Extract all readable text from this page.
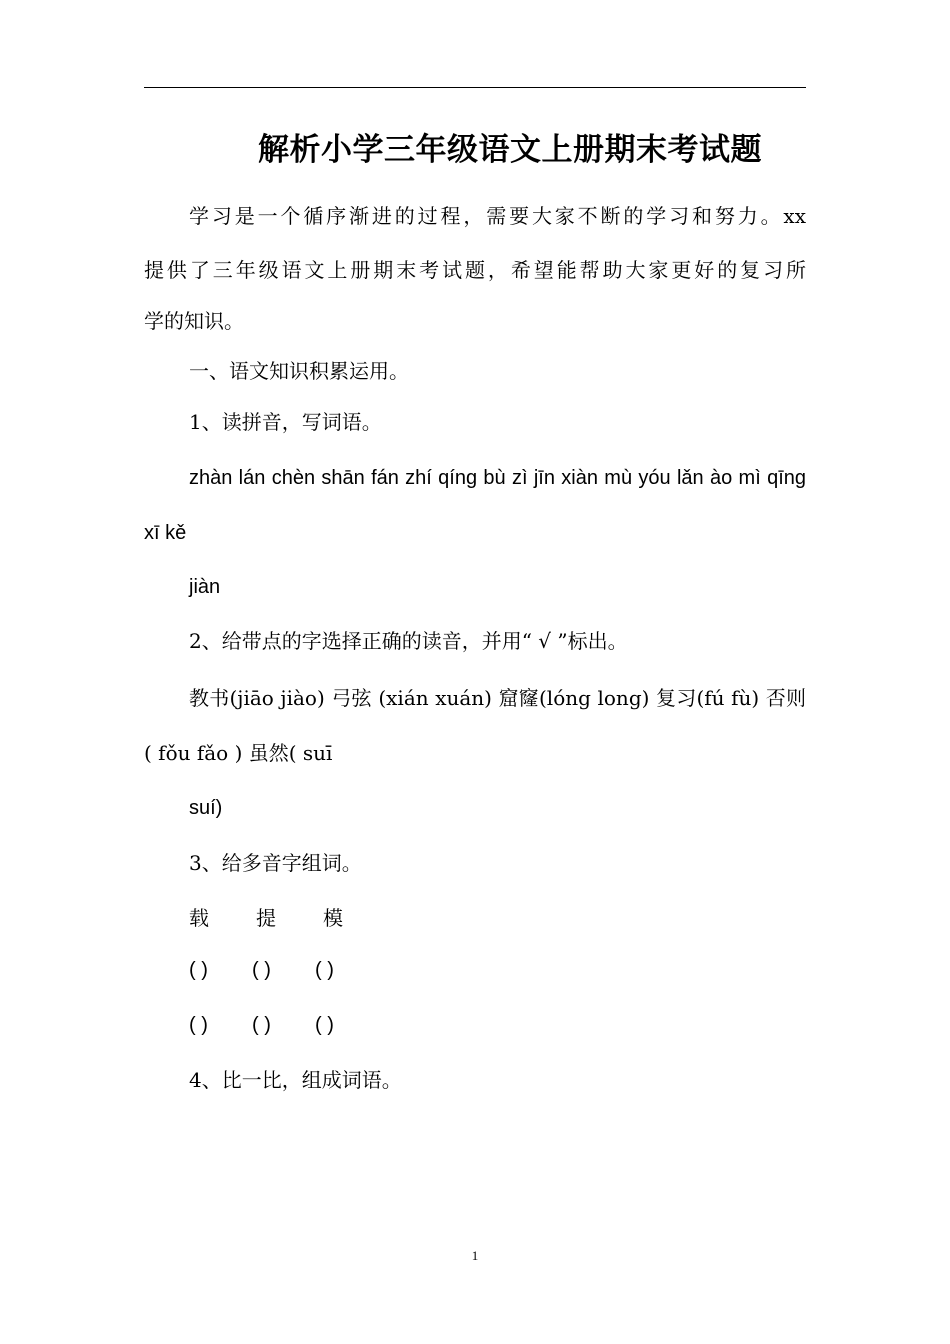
解析小学三年级语文上册期末考试题
学习是一个循序渐进的过程，需要大家不断的学习和努力。xx
提供了三年级语文上册期末考试题，希望能帮助大家更好的复习所
学的知识。
一、语文知识积累运用。
1、读拼音，写词语。
zhàn lán chèn shān fán zhí qíng bù zì jīn xiàn mù yóu lǎn ào mì qīng
xī kě
jiàn
2、给带点的字选择正确的读音，并用“ √ ”标出。
教书(jiāo jiào) 弓弦 (xián xuán) 窟窿(lóng long) 复习(fú fù) 否则
( fǒu fǎo ) 虽然( suī
suí)
3、给多音字组词。
载 提 模
( ) ( ) ( )
( ) ( ) ( )
4、比一比，组成词语。
1
